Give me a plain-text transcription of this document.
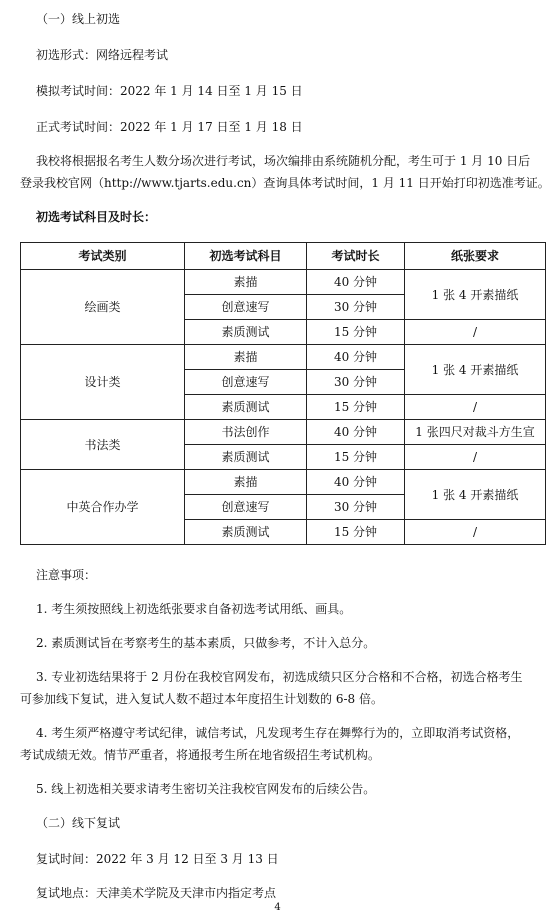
（一）线上初选
初选形式：网络远程考试
模拟考试时间：2022 年 1 月 14 日至 1 月 15 日
正式考试时间：2022 年 1 月 17 日至 1 月 18 日
我校将根据报名考生人数分场次进行考试，场次编排由系统随机分配，考生可于 1 月 10 日后
登录我校官网（http://www.tjarts.edu.cn）查询具体考试时间，1 月 11 日开始打印初选准考证。
初选考试科目及时长：
考试类别	初选考试科目	考试时长	纸张要求
绘画类	素描	40 分钟	1 张 4 开素描纸
	创意速写	30 分钟	
	素质测试	15 分钟	/
设计类	素描	40 分钟	1 张 4 开素描纸
	创意速写	30 分钟	
	素质测试	15 分钟	/
书法类	书法创作	40 分钟	1 张四尺对裁斗方生宣
	素质测试	15 分钟	/
中英合作办学	素描	40 分钟	1 张 4 开素描纸
	创意速写	30 分钟	
	素质测试	15 分钟	/
注意事项：
1. 考生须按照线上初选纸张要求自备初选考试用纸、画具。
2. 素质测试旨在考察考生的基本素质，只做参考，不计入总分。
3. 专业初选结果将于 2 月份在我校官网发布，初选成绩只区分合格和不合格，初选合格考生
可参加线下复试，进入复试人数不超过本年度招生计划数的 6-8 倍。
4. 考生须严格遵守考试纪律，诚信考试，凡发现考生存在舞弊行为的，立即取消考试资格，
考试成绩无效。情节严重者，将通报考生所在地省级招生考试机构。
5. 线上初选相关要求请考生密切关注我校官网发布的后续公告。
（二）线下复试
复试时间：2022 年 3 月 12 日至 3 月 13 日
复试地点：天津美术学院及天津市内指定考点
4
